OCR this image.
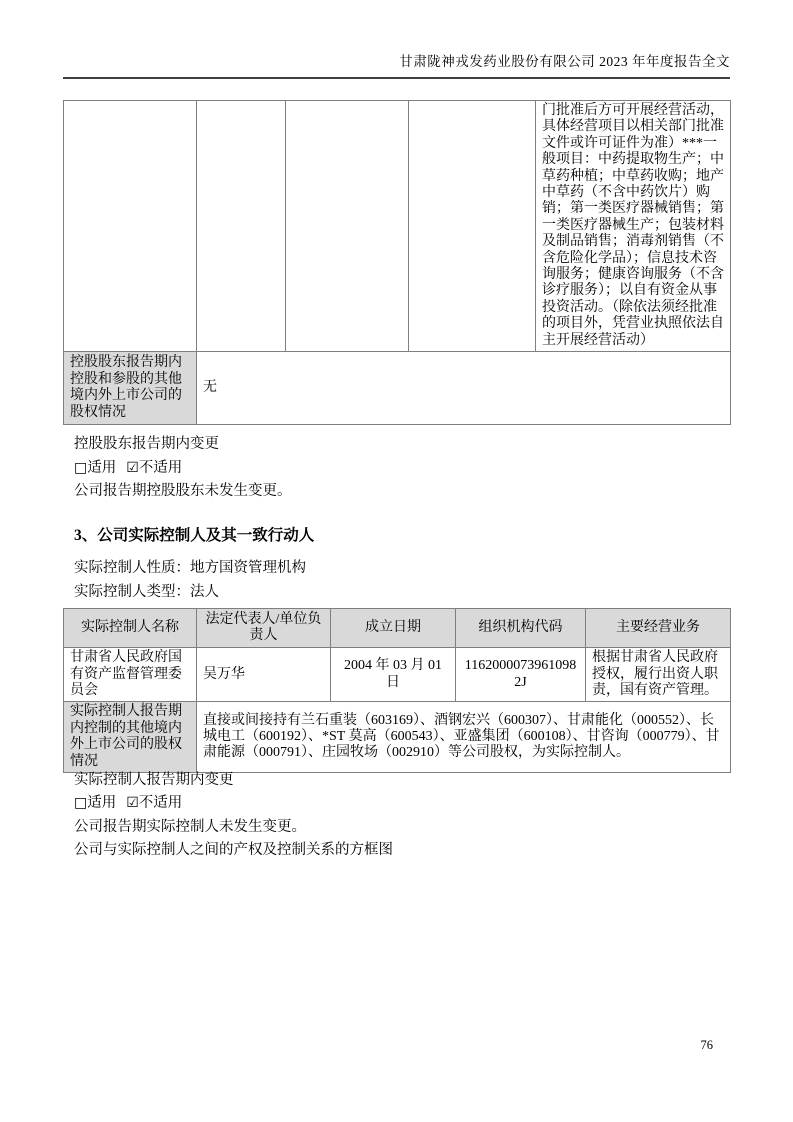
甘肃陇神戎发药业股份有限公司 2023 年年度报告全文
				门批准后方可开展经营活动，具体经营项目以相关部门批准文件或许可证件为准）***一般项目：中药提取物生产；中草药种植；中草药收购；地产中草药（不含中药饮片）购销；第一类医疗器械销售；第一类医疗器械生产；包装材料及制品销售；消毒剂销售（不含危险化学品）；信息技术咨询服务；健康咨询服务（不含诊疗服务）；以自有资金从事投资活动。（除依法须经批准的项目外，凭营业执照依法自主开展经营活动）
控股股东报告期内控股和参股的其他境内外上市公司的股权情况	无			

控股股东报告期内变更

□适用 ☑不适用

公司报告期控股股东未发生变更。

3、公司实际控制人及其一致行动人

实际控制人性质：地方国资管理机构

实际控制人类型：法人

实际控制人名称	法定代表人/单位负责人	成立日期	组织机构代码	主要经营业务
甘肃省人民政府国有资产监督管理委员会	吴万华	2004 年 03 月 01 日	11620000739610982J	根据甘肃省人民政府授权，履行出资人职责，国有资产管理。
实际控制人报告期内控制的其他境内外上市公司的股权情况	直接或间接持有兰石重装（603169）、酒钢宏兴（600307）、甘肃能化（000552）、长城电工（600192）、*ST 莫高（600543）、亚盛集团（600108）、甘咨询（000779）、甘肃能源（000791）、庄园牧场（002910）等公司股权，为实际控制人。			

实际控制人报告期内变更

□适用 ☑不适用

公司报告期实际控制人未发生变更。

公司与实际控制人之间的产权及控制关系的方框图

76
